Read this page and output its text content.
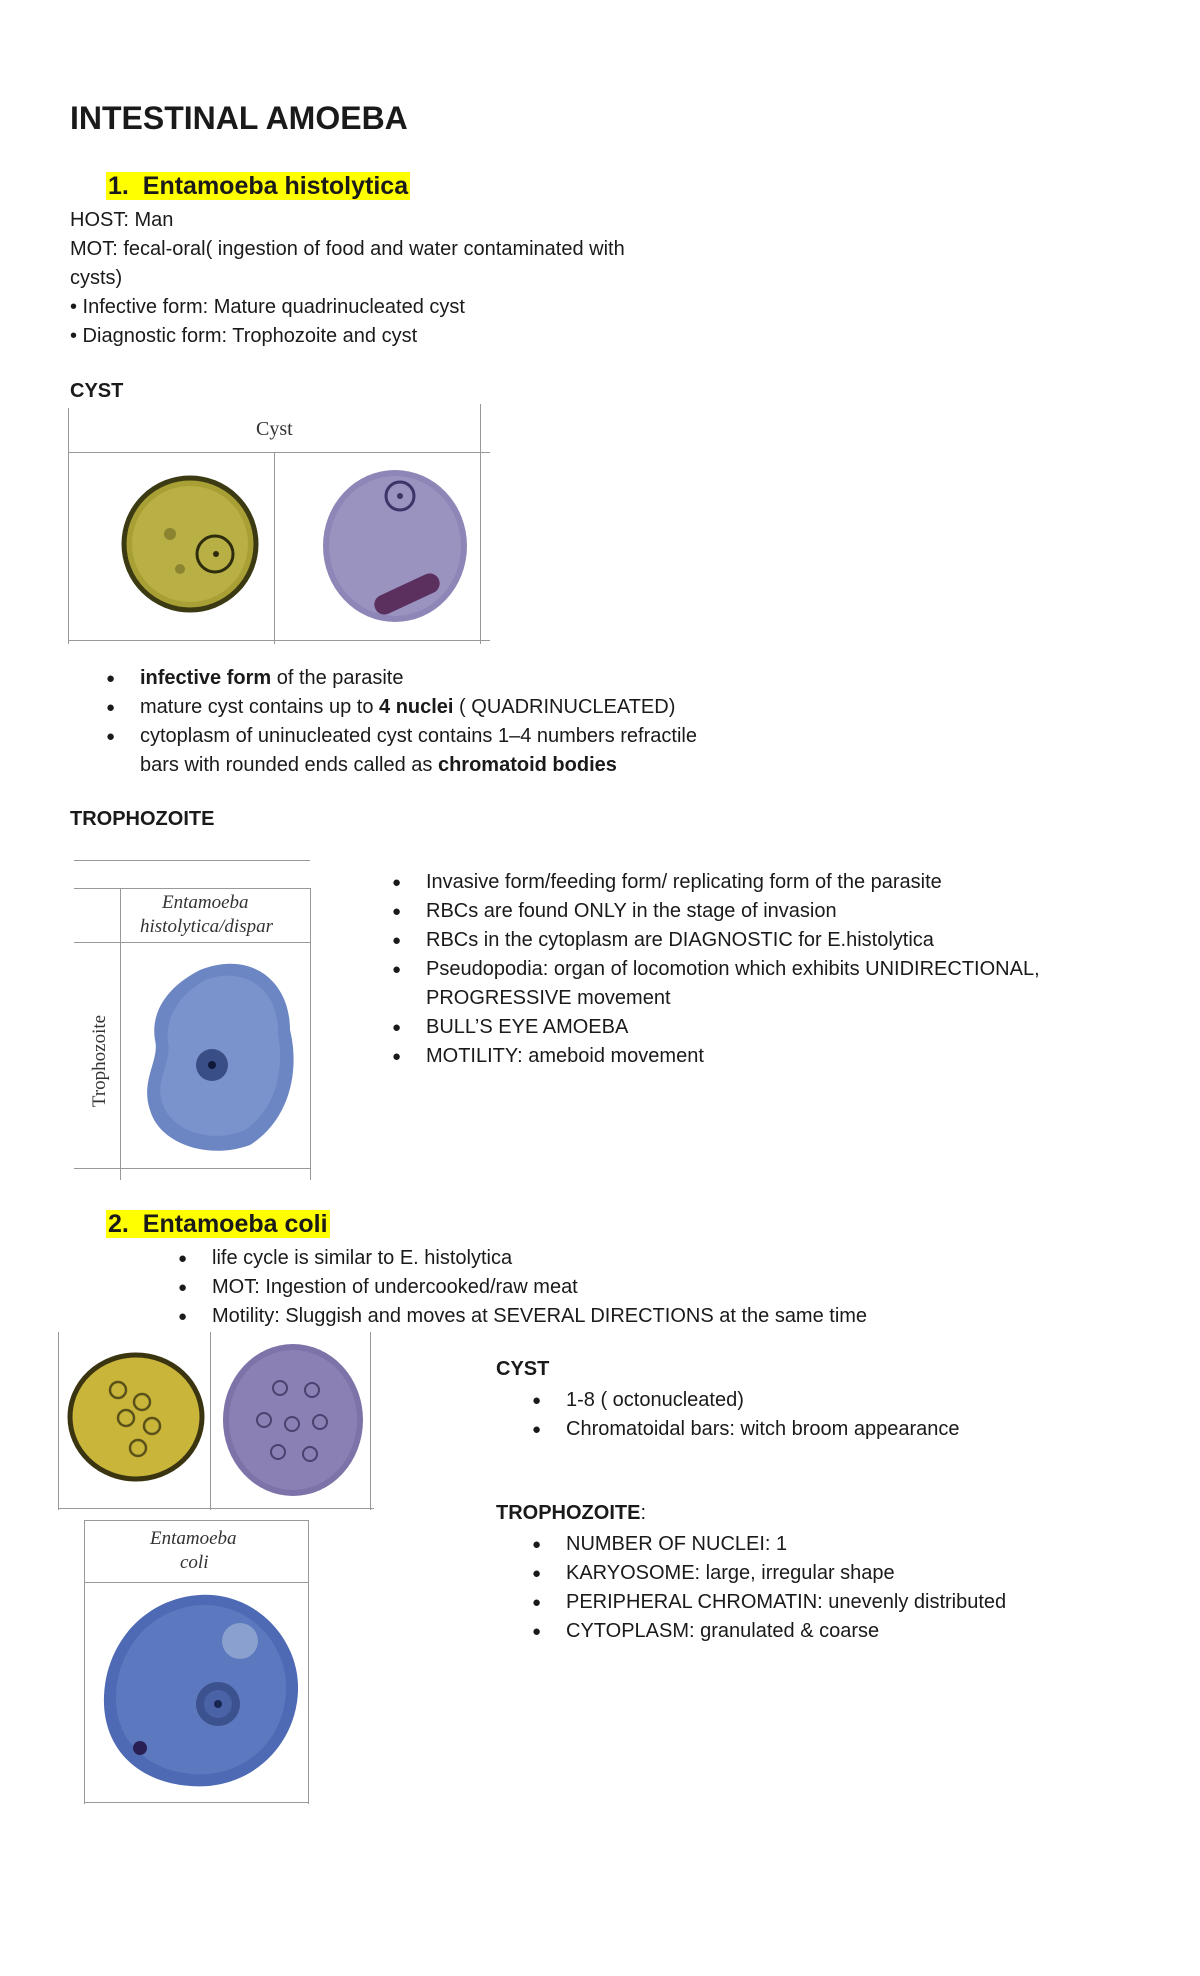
INTESTINAL AMOEBA
1. Entamoeba histolytica
HOST: Man
MOT: fecal-oral( ingestion of food and water contaminated with
cysts)
• Infective form: Mature quadrinucleated cyst
• Diagnostic form: Trophozoite and cyst
CYST
Cyst
● infective form of the parasite
● mature cyst contains up to 4 nuclei ( QUADRINUCLEATED)
● cytoplasm of uninucleated cyst contains 1–4 numbers refractile
bars with rounded ends called as chromatoid bodies
TROPHOZOITE
Entamoeba
histolytica/dispar
Trophozoite
● Invasive form/feeding form/ replicating form of the parasite
● RBCs are found ONLY in the stage of invasion
● RBCs in the cytoplasm are DIAGNOSTIC for E.histolytica
● Pseudopodia: organ of locomotion which exhibits UNIDIRECTIONAL,
PROGRESSIVE movement
● BULL’S EYE AMOEBA
● MOTILITY: ameboid movement
2. Entamoeba coli
● life cycle is similar to E. histolytica
● MOT: Ingestion of undercooked/raw meat
● Motility: Sluggish and moves at SEVERAL DIRECTIONS at the same time
CYST
● 1-8 ( octonucleated)
● Chromatoidal bars: witch broom appearance
TROPHOZOITE:
● NUMBER OF NUCLEI: 1
● KARYOSOME: large, irregular shape
● PERIPHERAL CHROMATIN: unevenly distributed
● CYTOPLASM: granulated & coarse
Entamoeba
coli
